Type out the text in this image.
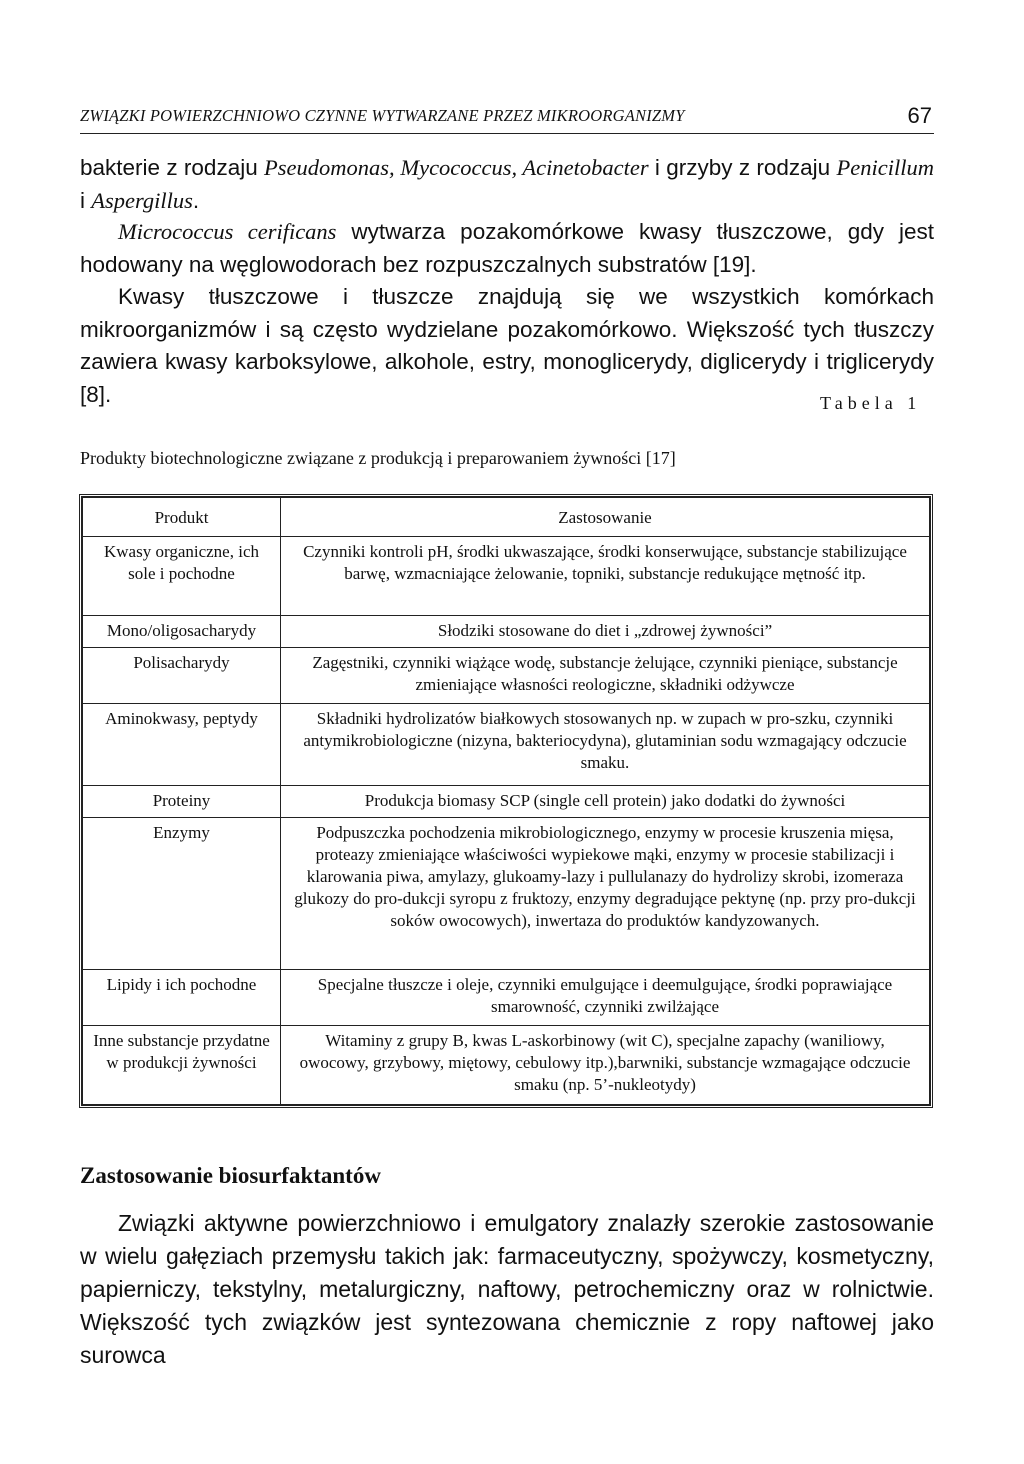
ZWIĄZKI POWIERZCHNIOWO CZYNNE WYTWARZANE PRZEZ MIKROORGANIZMY	67

bakterie z rodzaju Pseudomonas, Mycococcus, Acinetobacter i grzyby z rodzaju Penicillum i Aspergillus.

Micrococcus cerificans wytwarza pozakomórkowe kwasy tłuszczowe, gdy jest hodowany na węglowodorach bez rozpuszczalnych substratów [19].

Kwasy tłuszczowe i tłuszcze znajdują się we wszystkich komórkach mikroorganizmów i są często wydzielane pozakomórkowo. Większość tych tłuszczy zawiera kwasy karboksylowe, alkohole, estry, monoglicerydy, diglicerydy i triglicerydy [8].	Tabela 1
Produkty biotechnologiczne związane z produkcją i preparowaniem żywności [17]
Produkt	Zastosowanie
Kwasy organiczne, ich sole i pochodne	Czynniki kontroli pH, środki ukwaszające, środki konserwujące, substancje stabilizujące barwę, wzmacniające żelowanie, topniki, substancje redukujące mętność itp.
Mono/oligosacharydy	Słodziki stosowane do diet i „zdrowej żywności”
Polisacharydy	Zagęstniki, czynniki wiążące wodę, substancje żelujące, czynniki pieniące, substancje zmieniające własności reologiczne, składniki odżywcze
Aminokwasy, peptydy	Składniki hydrolizatów białkowych stosowanych np. w zupach w pro-szku, czynniki antymikrobiologiczne (nizyna, bakteriocydyna), glutaminian sodu wzmagający odczucie smaku.
Proteiny	Produkcja biomasy SCP (single cell protein) jako dodatki do żywności
Enzymy	Podpuszczka pochodzenia mikrobiologicznego, enzymy w procesie kruszenia mięsa, proteazy zmieniające właściwości wypiekowe mąki, enzymy w procesie stabilizacji i klarowania piwa, amylazy, glukoamy-lazy i pullulanazy do hydrolizy skrobi, izomeraza glukozy do pro-dukcji syropu z fruktozy, enzymy degradujące pektynę (np. przy pro-dukcji soków owocowych), inwertaza do produktów kandyzowanych.
Lipidy i ich pochodne	Specjalne tłuszcze i oleje, czynniki emulgujące i deemulgujące, środki poprawiające smarowność, czynniki zwilżające
Inne substancje przydatne w produkcji żywności	Witaminy z grupy B, kwas L-askorbinowy (wit C), specjalne zapachy (waniliowy, owocowy, grzybowy, miętowy, cebulowy itp.),barwniki, substancje wzmagające odczucie smaku (np. 5’-nukleotydy)
Zastosowanie biosurfaktantów

Związki aktywne powierzchniowo i emulgatory znalazły szerokie zastosowanie w wielu gałęziach przemysłu takich jak: farmaceutyczny, spożywczy, kosmetyczny, papierniczy, tekstylny, metalurgiczny, naftowy, petrochemiczny oraz w rolnictwie. Większość tych związków jest syntezowana chemicznie z ropy naftowej jako surowca
